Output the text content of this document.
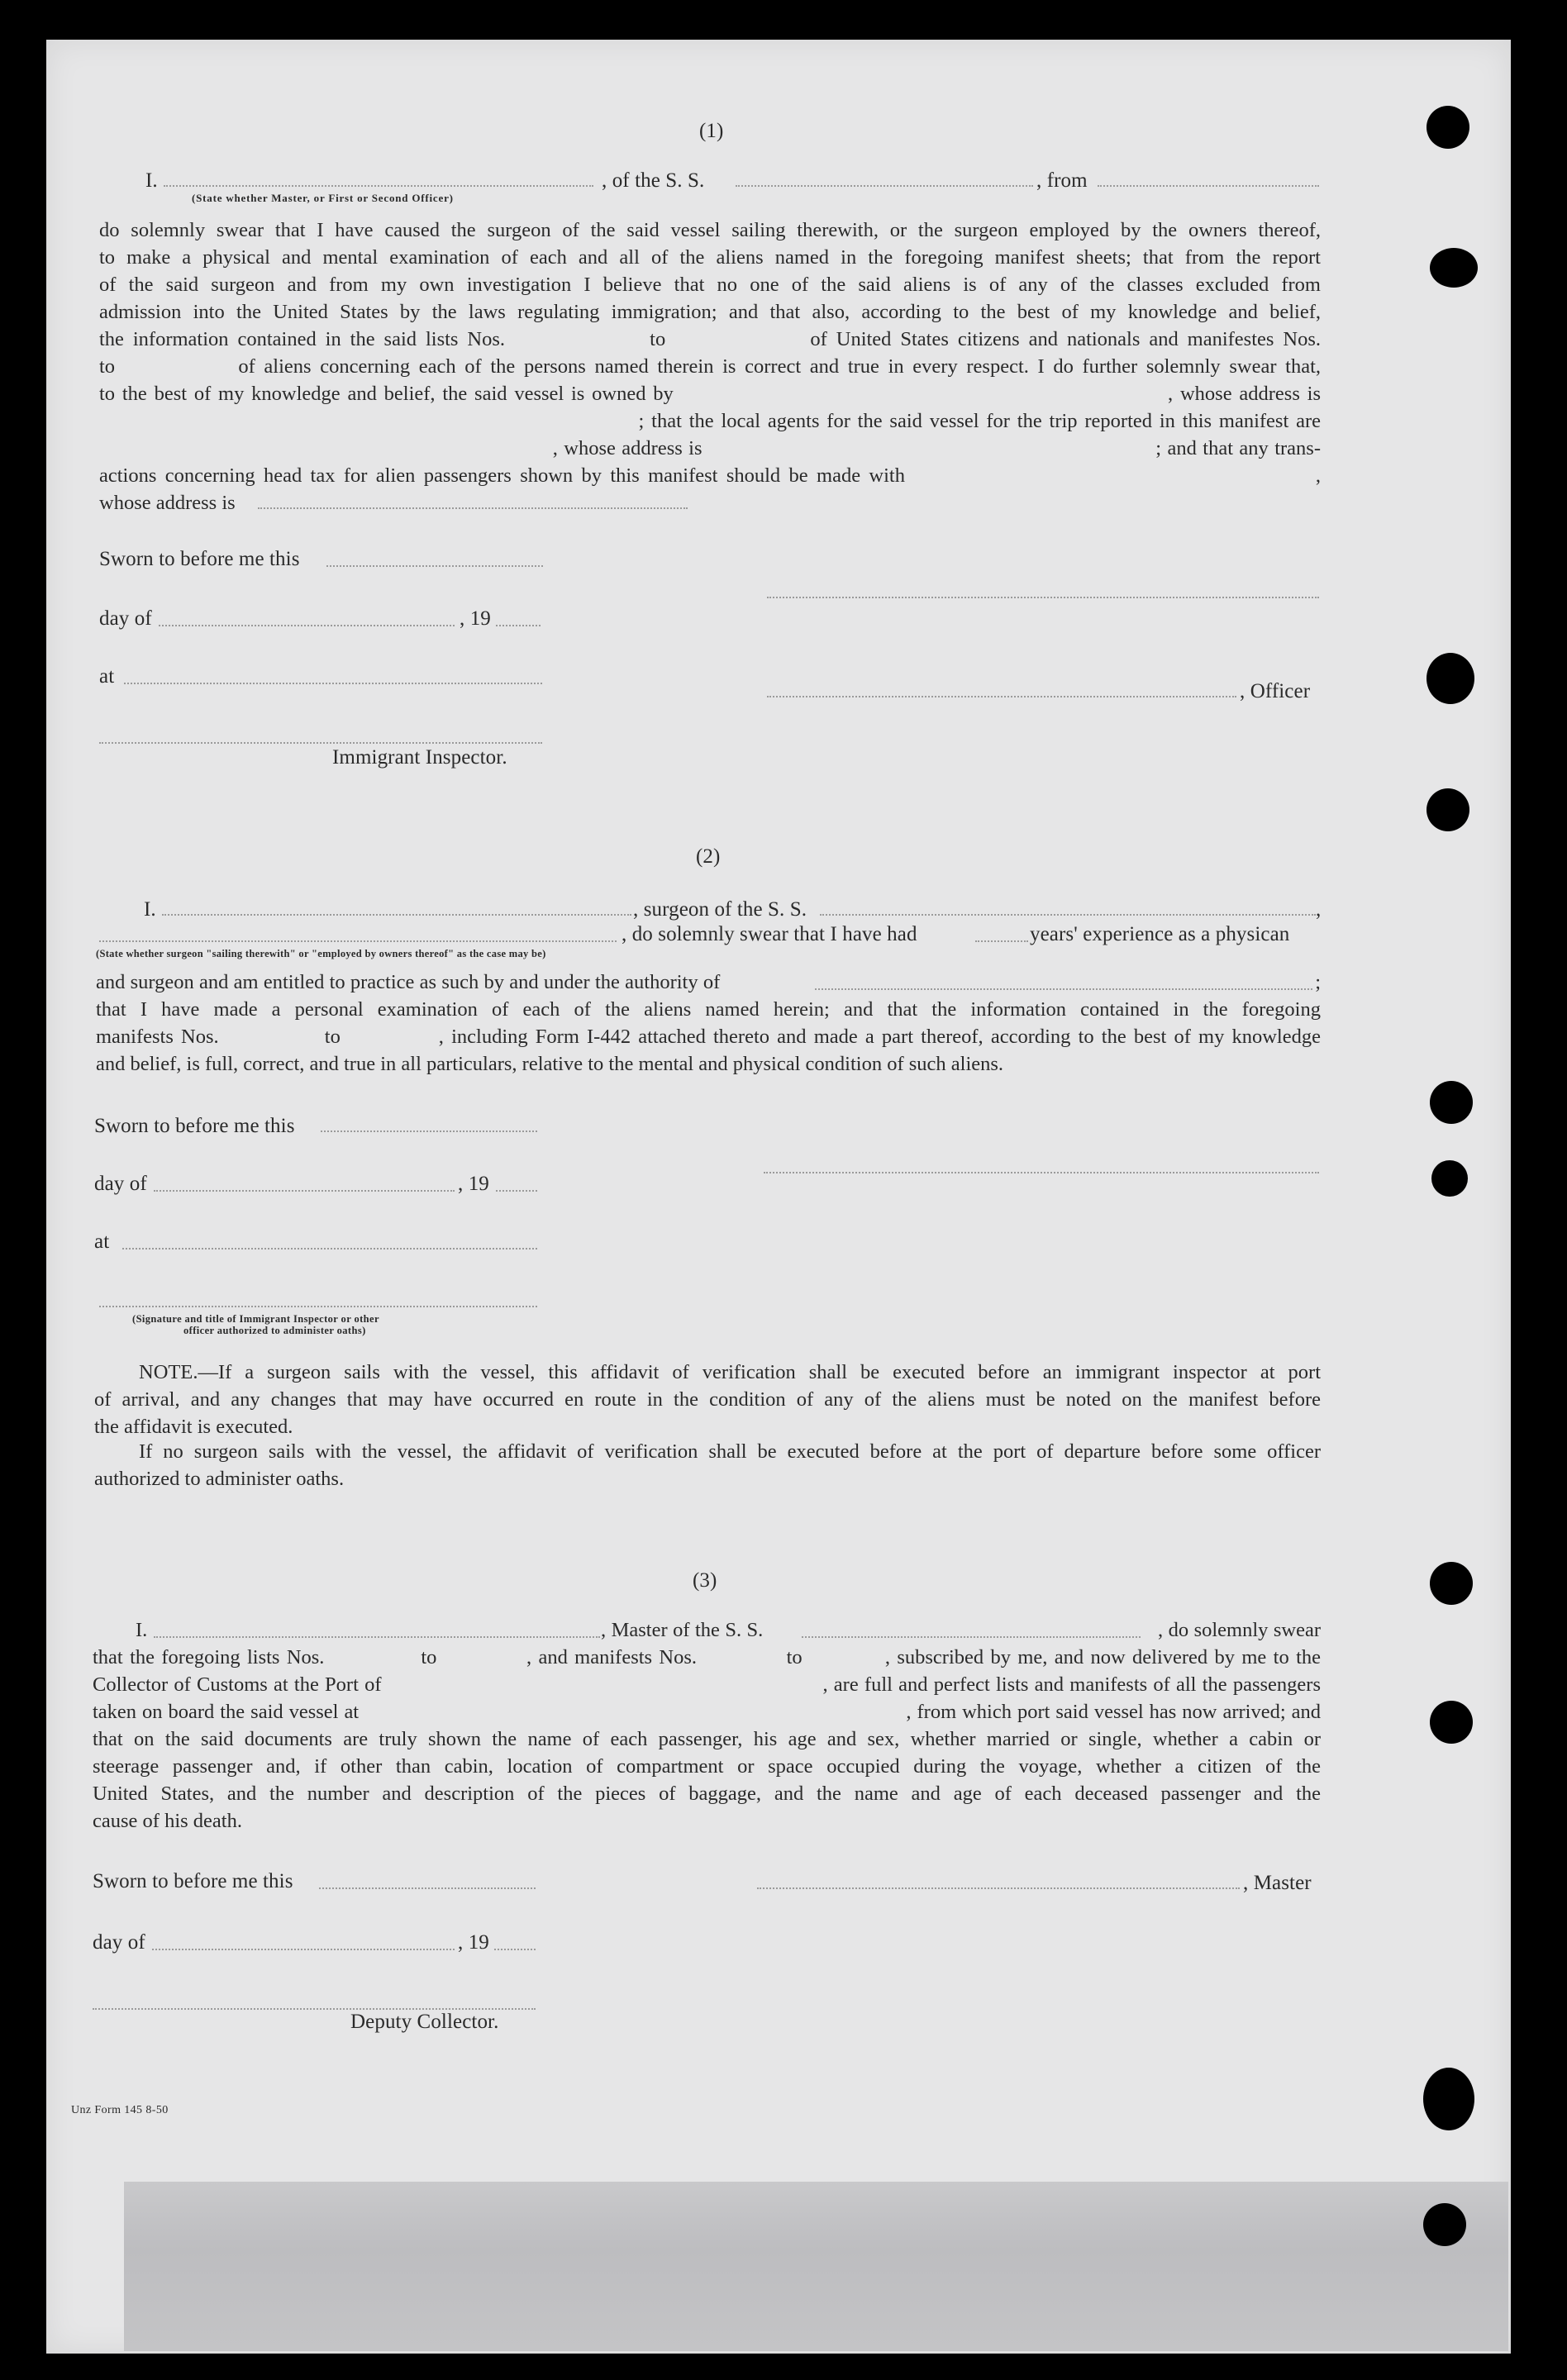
(1)
I.	, of the S. S.	, from
(State whether Master, or First or Second Officer)
do solemnly swear that I have caused the surgeon of the said vessel sailing therewith, or the surgeon employed by the owners thereof,
to make a physical and mental examination of each and all of the aliens named in the foregoing manifest sheets; that from the report
of the said surgeon and from my own investigation I believe that no one of the said aliens is of any of the classes excluded from
admission into the United States by the laws regulating immigration; and that also, according to the best of my knowledge and belief,
the information contained in the said lists Nos.                to                of United States citizens and nationals and manifestes Nos.
to              of aliens concerning each of the persons named therein is correct and true in every respect. I do further solemnly swear that,
to the best of my knowledge and belief, the said vessel is owned by                                                                    , whose address is
; that the local agents for the said vessel for the trip reported in this manifest are
, whose address is                                                                          ; and that any trans-
actions concerning head tax for alien passengers shown by this manifest should be made with                                                ,
whose address is
Sworn to before me this
day of	, 19
at
, Officer
Immigrant Inspector.
(2)
I.	, surgeon of the S. S.	,
, do solemnly swear that I have had	years' experience as a physican
(State whether surgeon "sailing therewith" or "employed by owners thereof" as the case may be)
and surgeon and am entitled to practice as such by and under the authority of                                                                                                                   ;
that I have made a personal examination of each of the aliens named herein; and that the information contained in the foregoing
manifests Nos.              to             , including Form I-442 attached thereto and made a part thereof, according to the best of my knowledge
and belief, is full, correct, and true in all particulars, relative to the mental and physical condition of such aliens.
Sworn to before me this
day of	, 19
at
(Signature and title of Immigrant Inspector or other
officer authorized to administer oaths)
NOTE.—If a surgeon sails with the vessel, this affidavit of verification shall be executed before an immigrant inspector at port
of arrival, and any changes that may have occurred en route in the condition of any of the aliens must be noted on the manifest before
the affidavit is executed.
If no surgeon sails with the vessel, the affidavit of verification shall be executed before at the port of departure before some officer
authorized to administer oaths.
(3)
I.                                                                                     , Master of the S. S.                                                                          , do solemnly swear
that the foregoing lists Nos.              to             , and manifests Nos.             to            , subscribed by me, and now delivered by me to the
Collector of Customs at the Port of                                                                          , are full and perfect lists and manifests of all the passengers
taken on board the said vessel at                                                                                               , from which port said vessel has now arrived; and
that on the said documents are truly shown the name of each passenger, his age and sex, whether married or single, whether a cabin or
steerage passenger and, if other than cabin, location of compartment or space occupied during the voyage, whether a citizen of the
United States, and the number and description of the pieces of baggage, and the name and age of each deceased passenger and the
cause of his death.
Sworn to before me this	, Master
day of	, 19
Deputy Collector.
Unz Form 145 8-50
